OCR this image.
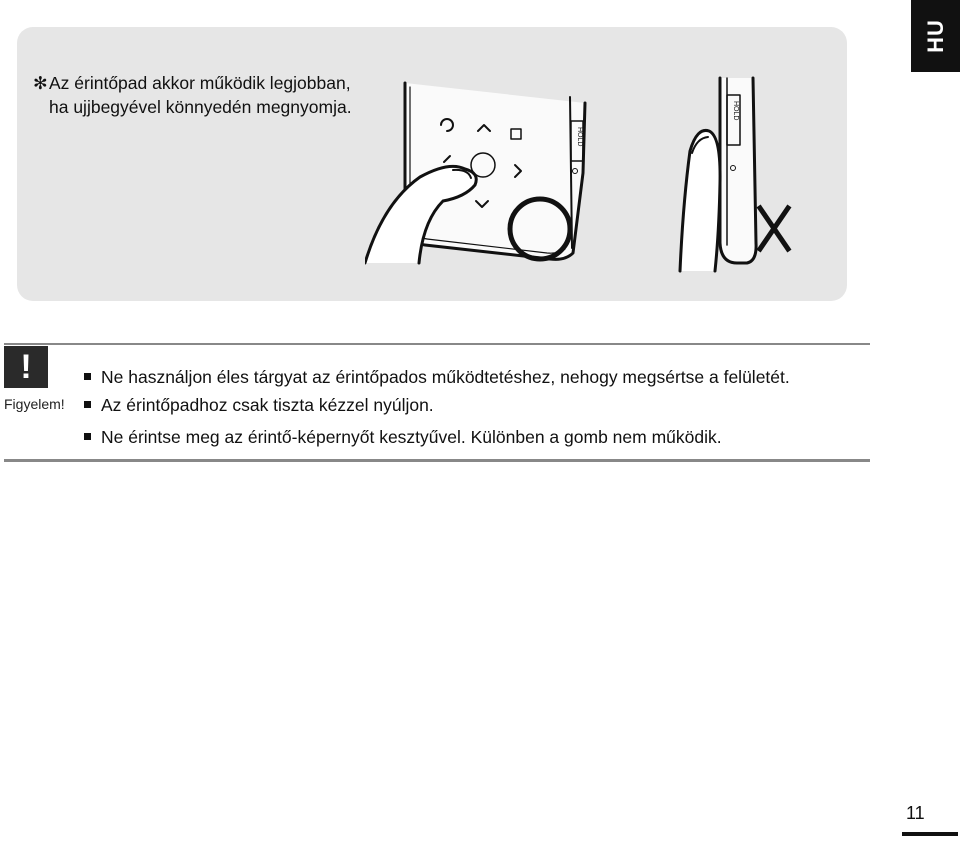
HU
✻Az érintőpad akkor működik legjobban,
ha ujjbegyével könnyedén megnyomja.
HOLD
HOLD
!
Figyelem!
Ne használjon éles tárgyat az érintőpados működtetéshez, nehogy megsértse a felületét.
Az érintőpadhoz csak tiszta kézzel nyúljon.
Ne érintse meg az érintő-képernyőt kesztyűvel. Különben a gomb nem működik.
11
